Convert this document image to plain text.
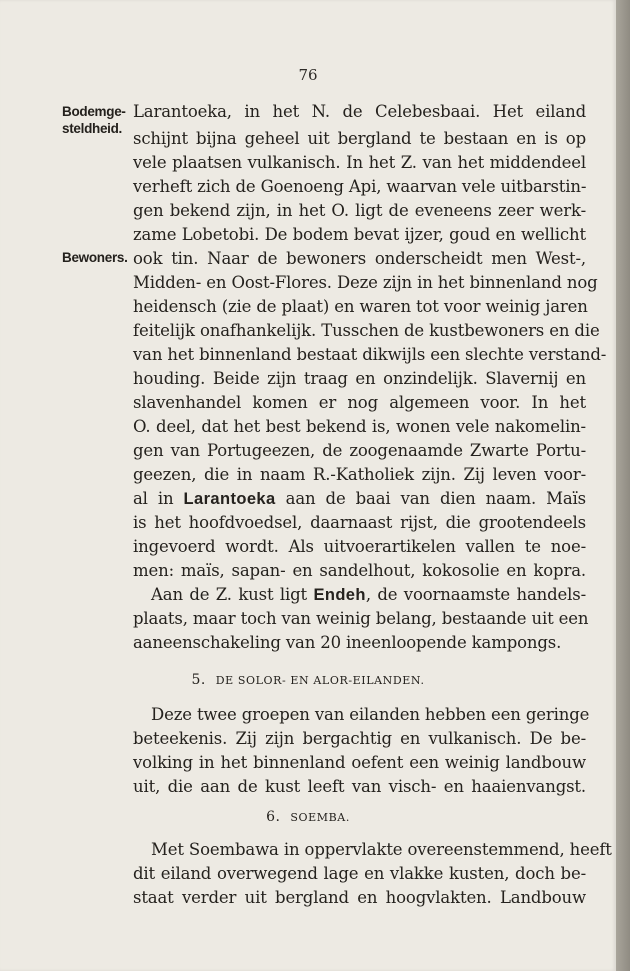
76
Bodemge-
steldheid.
Bewoners.
Larantoeka, in het N. de Celebesbaai. Het eiland
schijnt bijna geheel uit bergland te bestaan en is op
vele plaatsen vulkanisch. In het Z. van het middendeel
verheft zich de Goenoeng Api, waarvan vele uitbarstin-
gen bekend zijn, in het O. ligt de eveneens zeer werk-
zame Lobetobi. De bodem bevat ijzer, goud en wellicht
ook tin. Naar de bewoners onderscheidt men West-,
Midden- en Oost-Flores. Deze zijn in het binnenland nog
heidensch (zie de plaat) en waren tot voor weinig jaren
feitelijk onafhankelijk. Tusschen de kustbewoners en die
van het binnenland bestaat dikwijls een slechte verstand-
houding. Beide zijn traag en onzindelijk. Slavernij en
slavenhandel komen er nog algemeen voor. In het
O. deel, dat het best bekend is, wonen vele nakomelin-
gen van Portugeezen, de zoogenaamde Zwarte Portu-
geezen, die in naam R.-Katholiek zijn. Zij leven voor-
al in Larantoeka aan de baai van dien naam. Maïs
is het hoofdvoedsel, daarnaast rijst, die grootendeels
ingevoerd wordt. Als uitvoerartikelen vallen te noe-
men: maïs, sapan- en sandelhout, kokosolie en kopra.
Aan de Z. kust ligt Endeh, de voornaamste handels-
plaats, maar toch van weinig belang, bestaande uit een
aaneenschakeling van 20 ineenloopende kampongs.
5. DE SOLOR- EN ALOR-EILANDEN.
Deze twee groepen van eilanden hebben een geringe
beteekenis. Zij zijn bergachtig en vulkanisch. De be-
volking in het binnenland oefent een weinig landbouw
uit, die aan de kust leeft van visch- en haaienvangst.
6. SOEMBA.
Met Soembawa in oppervlakte overeenstemmend, heeft
dit eiland overwegend lage en vlakke kusten, doch be-
staat verder uit bergland en hoogvlakten. Landbouw
